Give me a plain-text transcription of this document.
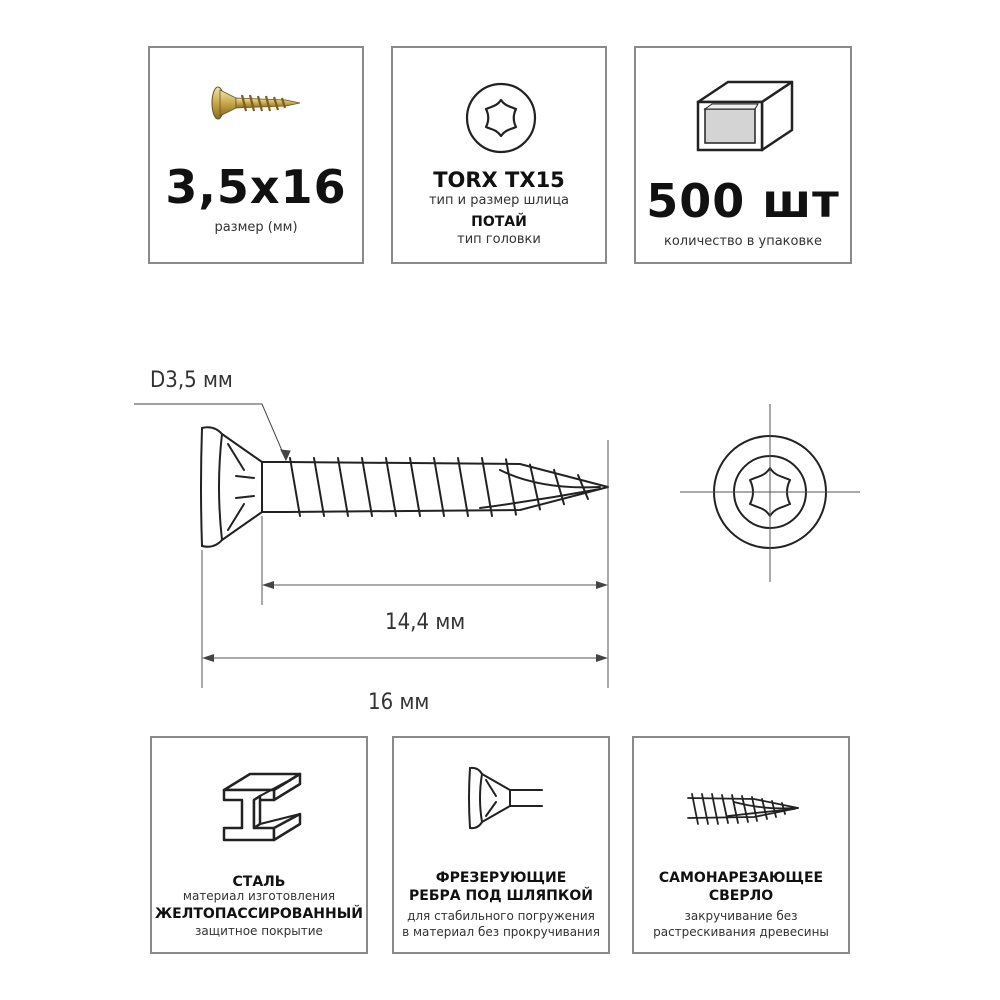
3,5x16
размер (мм)
TORX TX15
тип и размер шлица
ПОТАЙ
тип головки
500 шт
количество в упаковке
D3,5 мм
14,4 мм
16 мм
СТАЛЬ
материал изготовления
ЖЕЛТОПАССИРОВАННЫЙ
защитное покрытие
ФРЕЗЕРУЮЩИЕ
РЕБРА ПОД ШЛЯПКОЙ
для стабильного погружения
в материал без прокручивания
САМОНАРЕЗАЮЩЕЕ
СВЕРЛО
закручивание без
растрескивания древесины
